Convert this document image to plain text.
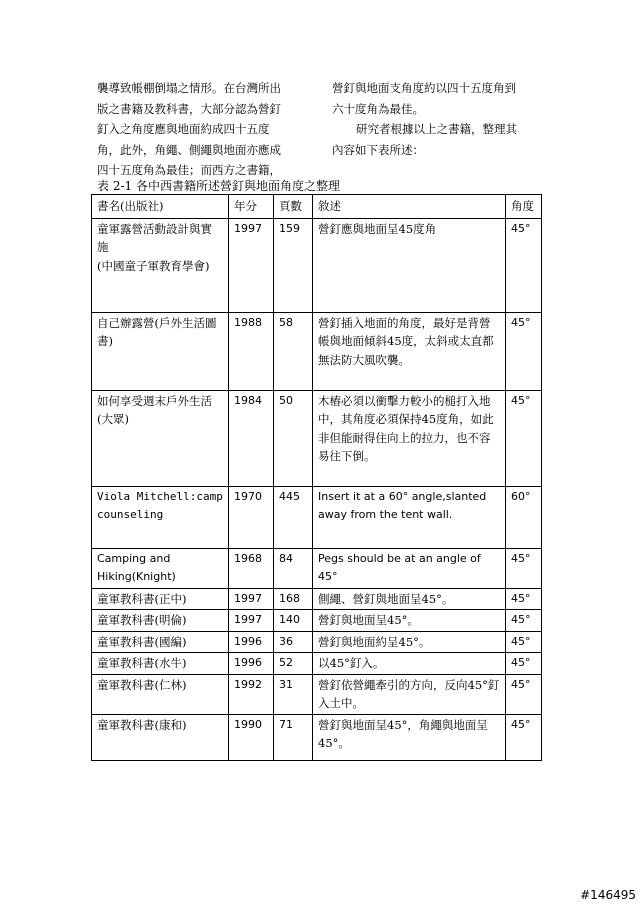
襲導致帳棚倒塌之情形。在台灣所出

版之書籍及教科書，大部分認為營釘

釘入之角度應與地面約成四十五度

角，此外，角繩、側繩與地面亦應成

四十五度角為最佳；而西方之書籍，

營釘與地面支角度約以四十五度角到

六十度角為最佳。

研究者根據以上之書籍，整理其

內容如下表所述：

表 2-1 各中西書籍所述營釘與地面角度之整理
書名(出版社)	年分	頁數	敘述	角度
童軍露營活動設計與實施
(中國童子軍教育學會)	1997	159	營釘應與地面呈45度角	45°
自己辦露營(戶外生活圖書)	1988	58	營釘插入地面的角度，最好是背營帳與地面傾斜45度，太斜或太直都無法防大風吹襲。	45°
如何享受週末戶外生活(大眾)	1984	50	木樁必須以衝擊力較小的槌打入地中，其角度必須保持45度角，如此非但能耐得住向上的拉力，也不容易往下倒。	45°
Viola Mitchell:camp counseling	1970	445	Insert it at a 60° angle,slanted away from the tent wall.	60°
Camping and Hiking(Knight)	1968	84	Pegs should be at an angle of 45°	45°
童軍教科書(正中)	1997	168	側繩、營釘與地面呈45°。	45°
童軍教科書(明倫)	1997	140	營釘與地面呈45°。	45°
童軍教科書(國編)	1996	36	營釘與地面約呈45°。	45°
童軍教科書(水牛)	1996	52	以45°釘入。	45°
童軍教科書(仁林)	1992	31	營釘依營繩牽引的方向，反向45°釘入土中。	45°
童軍教科書(康和)	1990	71	營釘與地面呈45°，角繩與地面呈45°。	45°
#146495
